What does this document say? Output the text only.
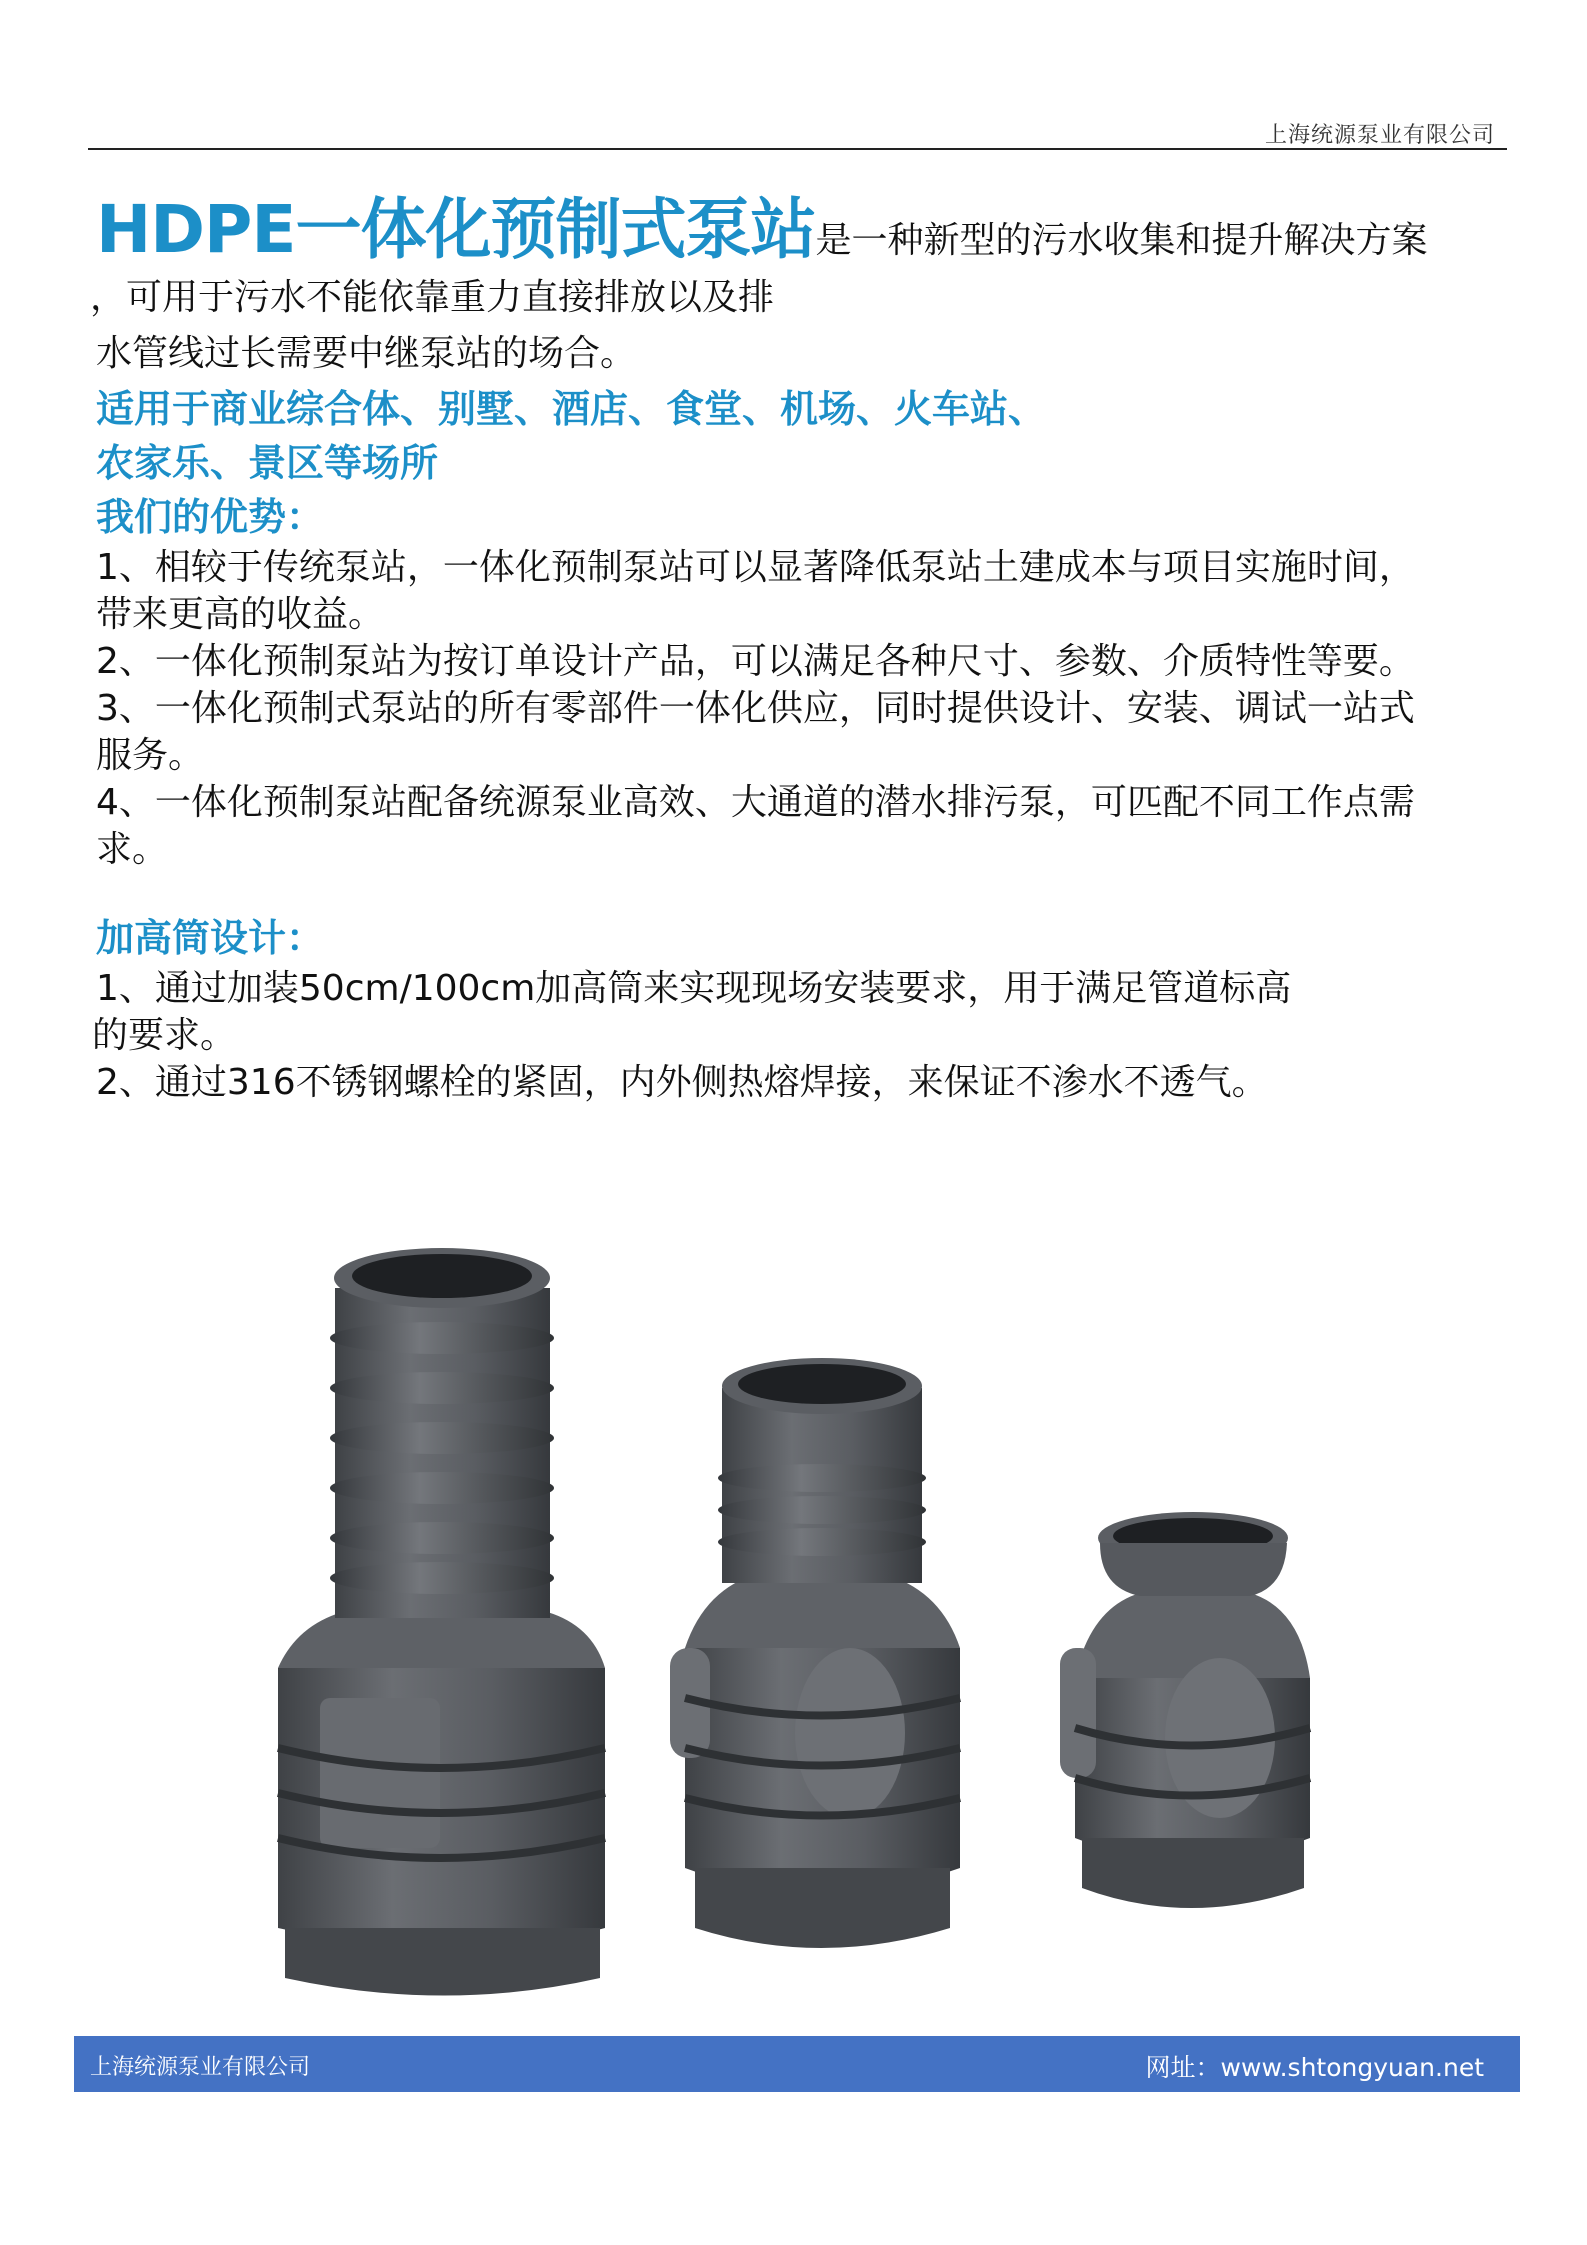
上海统源泵业有限公司

HDPE一体化预制式泵站是一种新型的污水收集和提升解决方案
，可用于污水不能依靠重力直接排放以及排
水管线过长需要中继泵站的场合。

适用于商业综合体、别墅、酒店、食堂、机场、火车站、

农家乐、景区等场所

我们的优势：

1、相较于传统泵站，一体化预制泵站可以显著降低泵站土建成本与项目实施时间，

带来更高的收益。

2、一体化预制泵站为按订单设计产品，可以满足各种尺寸、参数、介质特性等要。

3、一体化预制式泵站的所有零部件一体化供应，同时提供设计、安装、调试一站式

服务。

4、一体化预制泵站配备统源泵业高效、大通道的潜水排污泵，可匹配不同工作点需

求。

加高筒设计：

1、通过加装50cm/100cm加高筒来实现现场安装要求，用于满足管道标高

的要求。

2、通过316不锈钢螺栓的紧固，内外侧热熔焊接，来保证不渗水不透气。

上海统源泵业有限公司	网址：www.shtongyuan.net
